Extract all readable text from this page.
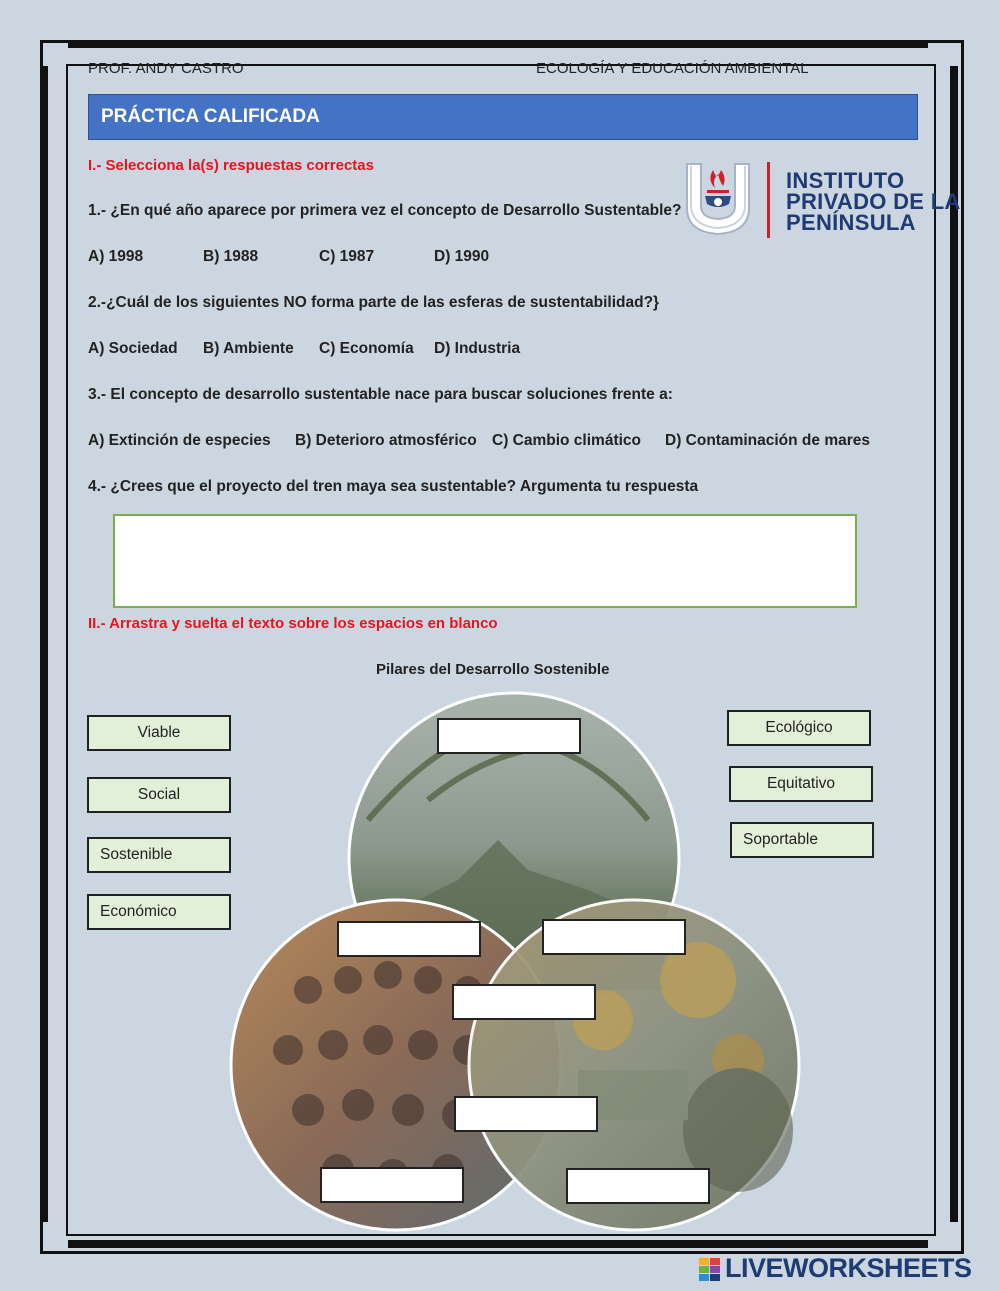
PROF. ANDY CASTRO	ECOLOGÍA Y EDUCACIÓN AMBIENTAL
PRÁCTICA CALIFICADA
INSTITUTO
PRIVADO DE LA
PENÍNSULA
I.- Selecciona la(s) respuestas correctas
1.- ¿En qué año aparece por primera vez el concepto de Desarrollo Sustentable?
A) 1998	B) 1988	C) 1987	D) 1990
2.-¿Cuál de los siguientes NO forma parte de las esferas de sustentabilidad?}
A) Sociedad B) Ambiente C) Economía D) Industria
3.- El concepto de desarrollo sustentable nace para buscar soluciones frente a:
A) Extinción de especies B) Deterioro atmosférico C) Cambio climático D) Contaminación de mares
4.- ¿Crees que el proyecto del tren maya sea sustentable? Argumenta tu respuesta
II.- Arrastra y suelta el texto sobre los espacios en blanco
Pilares del Desarrollo Sostenible
Viable
Social
Sostenible
Económico
Ecológico
Equitativo
Soportable
LIVEWORKSHEETS
